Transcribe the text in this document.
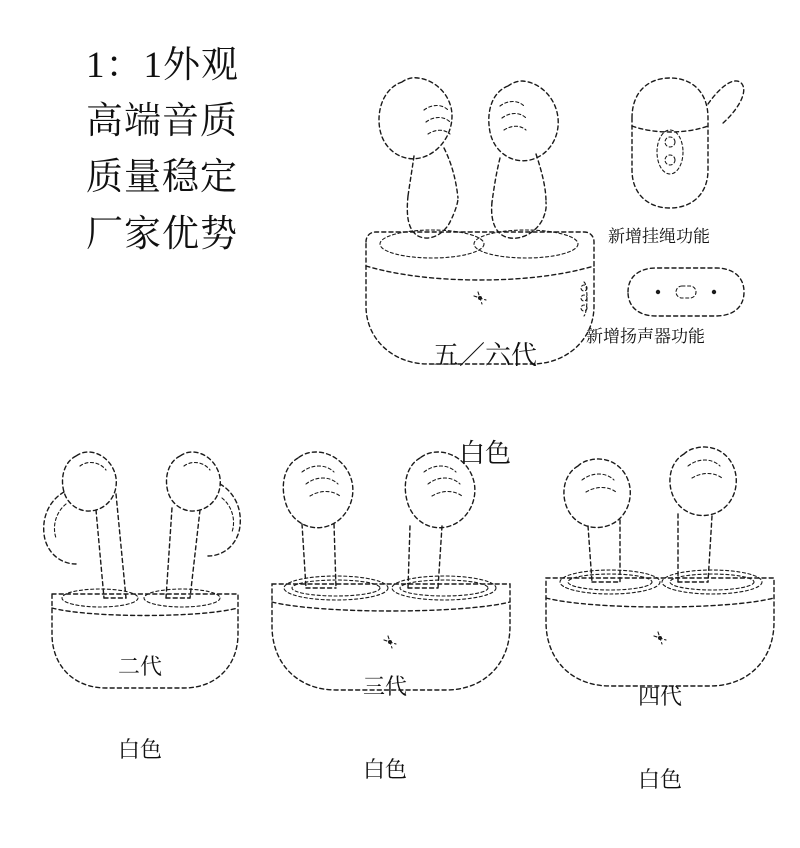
1：1外观
高端音质
质量稳定
厂家优势

五／六代

白色

新增挂绳功能
新增扬声器功能

二代

白色

三代

白色

四代

白色
